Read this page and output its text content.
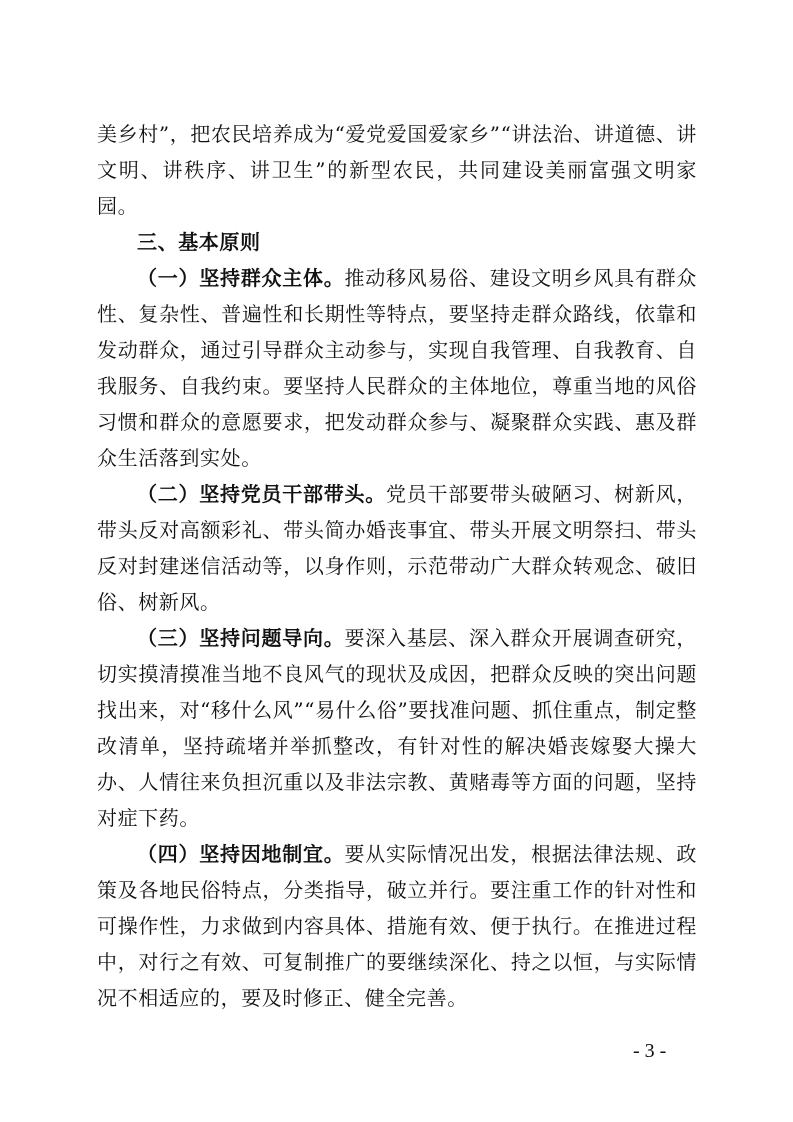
美乡村”，把农民培养成为“爱党爱国爱家乡”“讲法治、讲道德、讲文明、讲秩序、讲卫生”的新型农民，共同建设美丽富强文明家园。

三、基本原则

（一）坚持群众主体。推动移风易俗、建设文明乡风具有群众性、复杂性、普遍性和长期性等特点，要坚持走群众路线，依靠和发动群众，通过引导群众主动参与，实现自我管理、自我教育、自我服务、自我约束。要坚持人民群众的主体地位，尊重当地的风俗习惯和群众的意愿要求，把发动群众参与、凝聚群众实践、惠及群众生活落到实处。

（二）坚持党员干部带头。党员干部要带头破陋习、树新风，带头反对高额彩礼、带头简办婚丧事宜、带头开展文明祭扫、带头反对封建迷信活动等，以身作则，示范带动广大群众转观念、破旧俗、树新风。

（三）坚持问题导向。要深入基层、深入群众开展调查研究，切实摸清摸准当地不良风气的现状及成因，把群众反映的突出问题找出来，对“移什么风”“易什么俗”要找准问题、抓住重点，制定整改清单，坚持疏堵并举抓整改，有针对性的解决婚丧嫁娶大操大办、人情往来负担沉重以及非法宗教、黄赌毒等方面的问题，坚持对症下药。

（四）坚持因地制宜。要从实际情况出发，根据法律法规、政策及各地民俗特点，分类指导，破立并行。要注重工作的针对性和可操作性，力求做到内容具体、措施有效、便于执行。在推进过程中，对行之有效、可复制推广的要继续深化、持之以恒，与实际情况不相适应的，要及时修正、健全完善。

- 3 -
